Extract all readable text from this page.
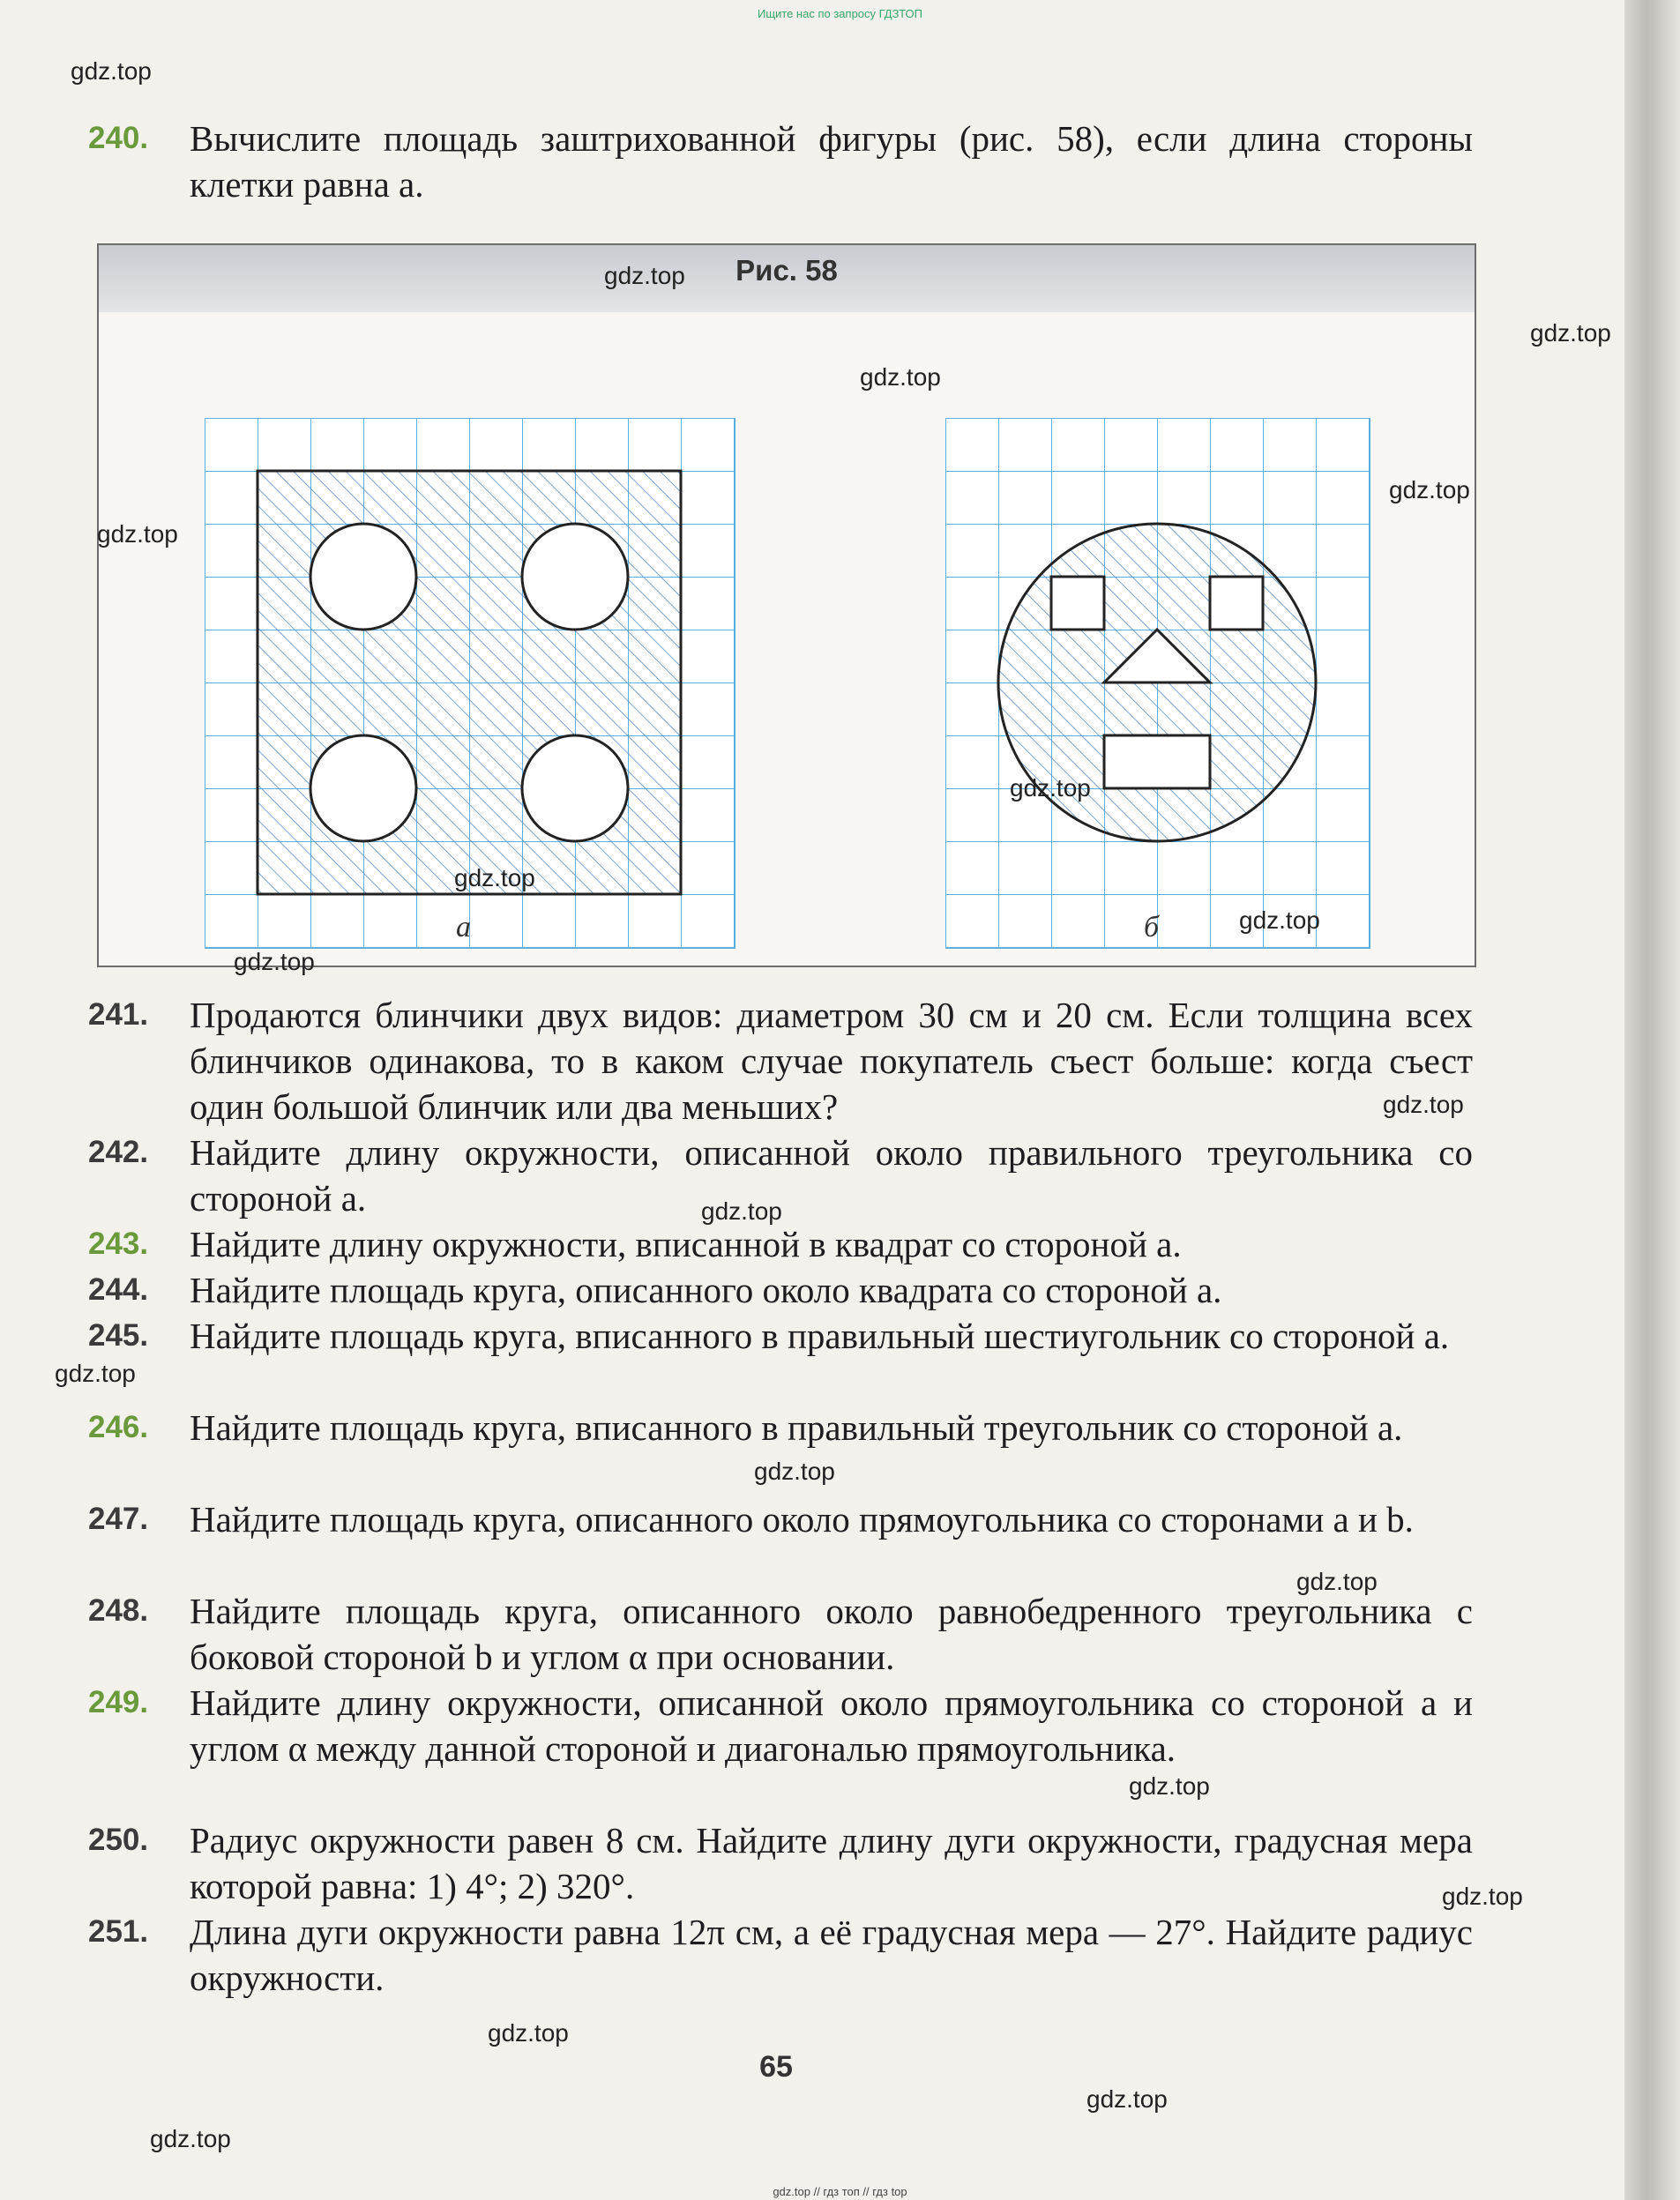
Ищите нас по запросу ГДЗТОП
240. Вычислите площадь заштрихованной фигуры (рис. 58), если длина стороны клетки равна a.
Рис. 58
а	б
241. Продаются блинчики двух видов: диаметром 30 см и 20 см. Если толщина всех блинчиков одинакова, то в каком случае покупатель съест больше: когда съест один большой блинчик или два меньших?
242. Найдите длину окружности, описанной около правильного треугольника со стороной a.
243. Найдите длину окружности, вписанной в квадрат со стороной a.
244. Найдите площадь круга, описанного около квадрата со стороной a.
245. Найдите площадь круга, вписанного в правильный шестиугольник со стороной a.
246. Найдите площадь круга, вписанного в правильный треугольник со стороной a.
247. Найдите площадь круга, описанного около прямоугольника со сторонами a и b.
248. Найдите площадь круга, описанного около равнобедренного треугольника с боковой стороной b и углом α при основании.
249. Найдите длину окружности, описанной около прямоугольника со стороной a и углом α между данной стороной и диагональю прямоугольника.
250. Радиус окружности равен 8 см. Найдите длину дуги окружности, градусная мера которой равна: 1) 4°; 2) 320°.
251. Длина дуги окружности равна 12π см, а её градусная мера — 27°. Найдите радиус окружности.
65
gdz.top
gdz.top
gdz.top
gdz.top
gdz.top
gdz.top
gdz.top
gdz.top
gdz.top
gdz.top
gdz.top
gdz.top
gdz.top
gdz.top
gdz.top
gdz.top
gdz.top
gdz.top
gdz.top
gdz.top
gdz.top // гдз топ // гдз top
